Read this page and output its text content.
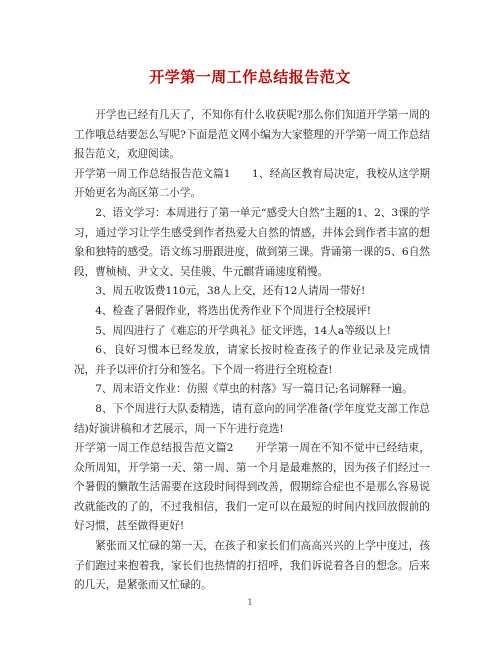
开学第一周工作总结报告范文

开学也已经有几天了，不知你有什么收获呢?那么你们知道开学第一周的工作哦总结要怎么写呢?下面是范文网小编为大家整理的开学第一周工作总结报告范文，欢迎阅读。

开学第一周工作总结报告范文篇1　　1、经高区教育局决定，我校从这学期开始更名为高区第二小学。

2、语文学习：本周进行了第一单元“感受大自然”主题的1、2、3课的学习，通过学习让学生感受到作者热爱大自然的情感，并体会到作者丰富的想象和独特的感受。语文练习册跟进度，做到第三课。背诵第一课的5、6自然段，曹桢桢、尹文文、吴佳骏、牛元麒背诵速度稍慢。

3、周五收饭费110元，38人上交，还有12人请周一带好!

4、检查了暑假作业，将选出优秀作业下个周进行全校展评!

5、周四进行了《难忘的开学典礼》征文评选，14人a等级以上!

6、良好习惯本已经发放，请家长按时检查孩子的作业记录及完成情况，并予以评价打分和签名。下个周一将进行全班检查!

7、周末语文作业：仿照《草虫的村落》写一篇日记;名词解释一遍。

8、下个周进行大队委精选，请有意向的同学准备(学年度党支部工作总结)好演讲稿和才艺展示，周一下午进行竞选!

开学第一周工作总结报告范文篇2　　开学第一周在不知不觉中已经结束，众所周知，开学第一天、第一周、第一个月是最难熬的，因为孩子们经过一个暑假的懒散生活需要在这段时间得到改善，假期综合症也不是那么容易说改就能改的了的，不过我相信，我们一定可以在最短的时间内找回放假前的好习惯，甚至做得更好!

紧张而又忙碌的第一天，在孩子和家长们们高高兴兴的上学中度过，孩子们跑过来抱着我，家长们也热情的打招呼，我们诉说着各自的想念。后来的几天，是紧张而又忙碌的。

1
